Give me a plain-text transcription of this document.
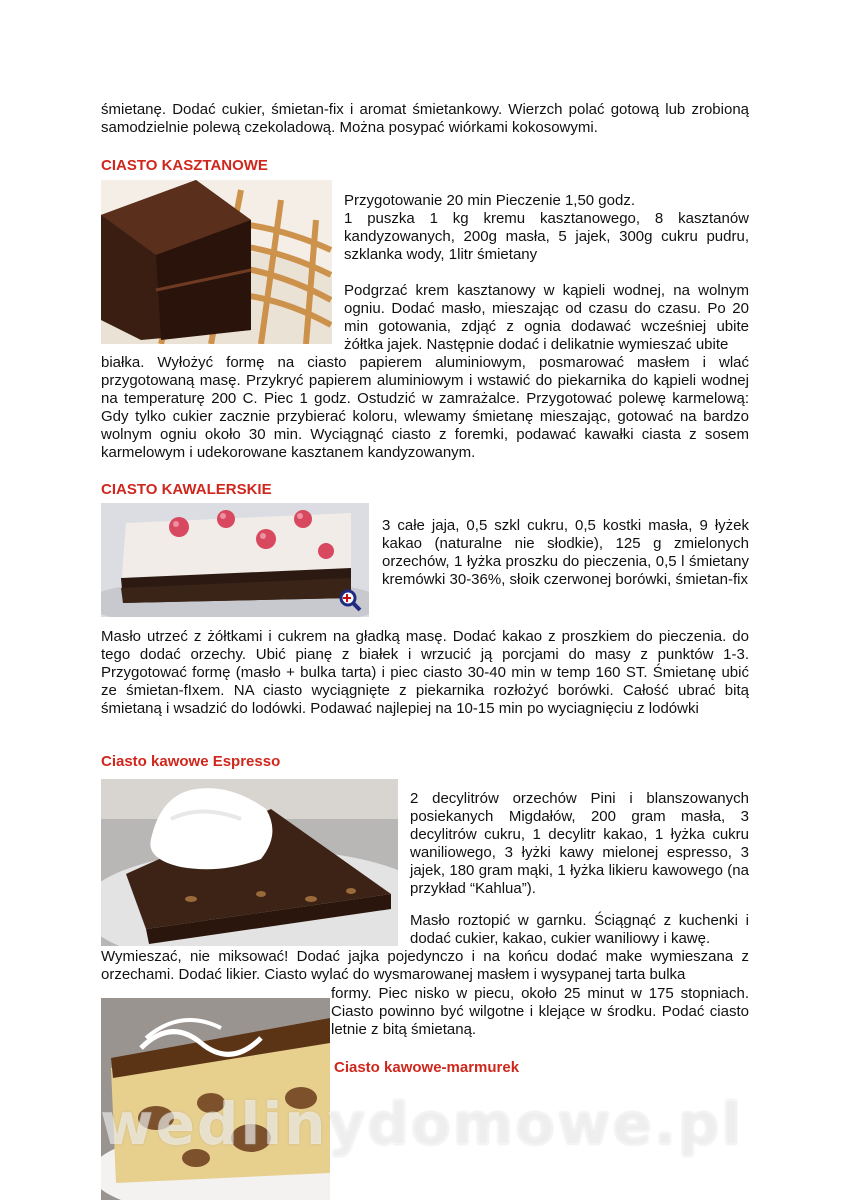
śmietanę. Dodać cukier, śmietan-fix i aromat śmietankowy. Wierzch polać gotową lub zrobioną samodzielnie polewą czekoladową. Można posypać wiórkami kokosowymi.

CIASTO KASZTANOWE

Przygotowanie 20 min Pieczenie 1,50 godz.

1 puszka 1 kg kremu kasztanowego, 8 kasztanów kandyzowanych, 200g masła, 5 jajek, 300g cukru pudru, szklanka wody, 1litr śmietany

Podgrzać krem kasztanowy w kąpieli wodnej, na wolnym ogniu. Dodać masło, mieszając od czasu do czasu. Po 20 min gotowania, zdjąć z ognia dodawać wcześniej ubite żółtka jajek. Następnie dodać i delikatnie wymieszać ubite

białka. Wyłożyć formę na ciasto papierem aluminiowym, posmarować masłem i wlać przygotowaną masę. Przykryć papierem aluminiowym i wstawić do piekarnika do kąpieli wodnej na temperaturę 200 C. Piec 1 godz. Ostudzić w zamrażalce. Przygotować polewę karmelową: Gdy tylko cukier zacznie przybierać koloru, wlewamy śmietanę mieszając, gotować na bardzo wolnym ogniu około 30 min. Wyciągnąć ciasto z foremki, podawać kawałki ciasta z sosem karmelowym i udekorowane kasztanem kandyzowanym.

CIASTO KAWALERSKIE

3 całe jaja, 0,5 szkl cukru, 0,5 kostki masła, 9 łyżek kakao (naturalne nie słodkie), 125 g zmielonych orzechów, 1 łyżka proszku do pieczenia, 0,5 l śmietany kremówki 30-36%, słoik czerwonej borówki, śmietan-fix

Masło utrzeć z żółtkami i cukrem na gładką masę. Dodać kakao z proszkiem do pieczenia. do tego dodać orzechy. Ubić pianę z białek i wrzucić ją porcjami do masy z punktów 1-3. Przygotować formę (masło + bulka tarta) i piec ciasto 30-40 min w temp 160 ST. Śmietanę ubić ze śmietan-fIxem. NA ciasto wyciągnięte z piekarnika rozłożyć borówki. Całość ubrać bitą śmietaną i wsadzić do lodówki. Podawać najlepiej na 10-15 min po wyciagnięciu z lodówki

Ciasto kawowe Espresso

2 decylitrów orzechów Pini i blanszowanych posiekanych Migdałów, 200 gram masła, 3 decylitrów cukru, 1 decylitr kakao, 1 łyżka cukru waniliowego, 3 łyżki kawy mielonej espresso, 3 jajek, 180 gram mąki, 1 łyżka likieru kawowego (na przykład “Kahlua”).

Masło roztopić w garnku. Ściągnąć z kuchenki i dodać cukier, kakao, cukier waniliowy i kawę.

Wymieszać, nie miksować! Dodać jajka pojedynczo i na końcu dodać make wymieszana z orzechami. Dodać likier. Ciasto wylać do wysmarowanej masłem i wysypanej tarta bulka

formy. Piec nisko w piecu, około 25 minut w 175 stopniach. Ciasto powinno być wilgotne i klejące w środku. Podać ciasto letnie z bitą śmietaną.

Ciasto kawowe-marmurek

wedlinydomowe.pl
